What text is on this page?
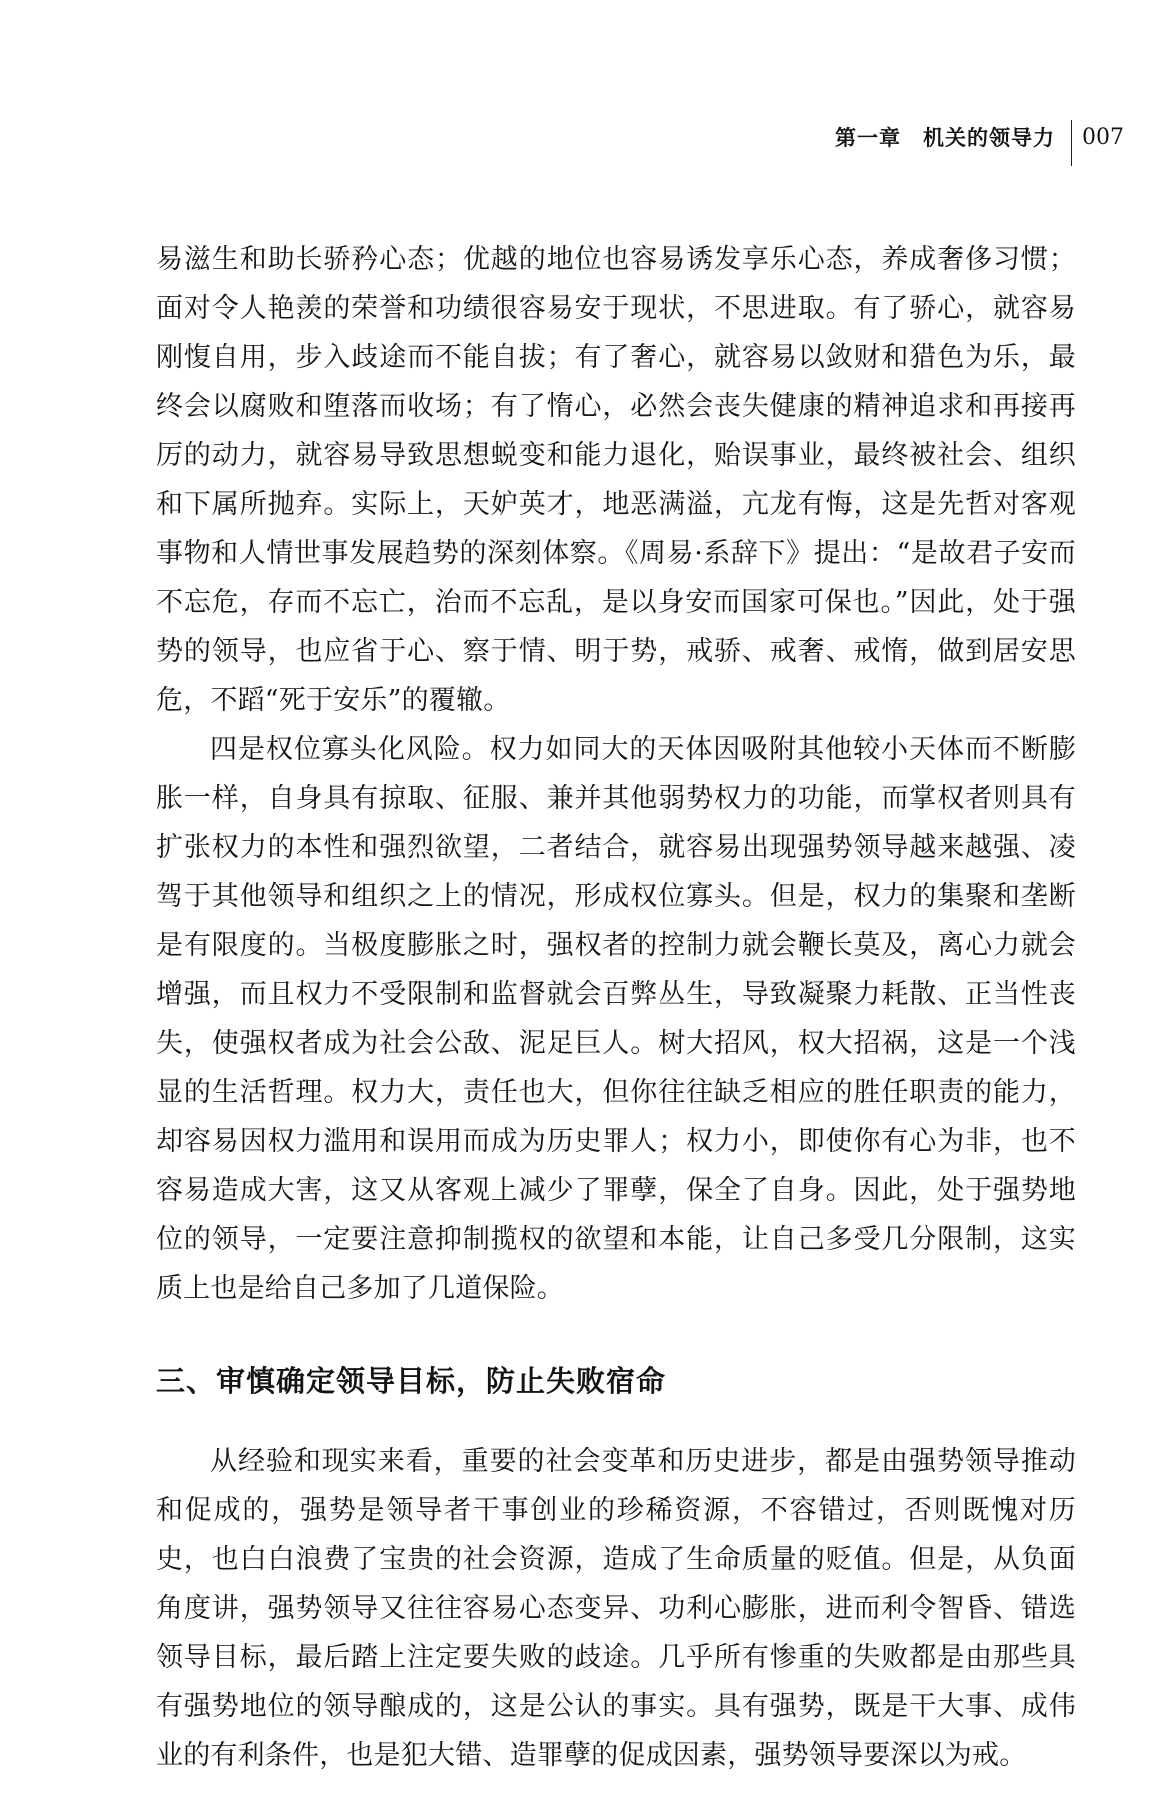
第一章　机关的领导力 007

易滋生和助长骄矜心态；优越的地位也容易诱发享乐心态，养成奢侈习惯；面对令人艳羡的荣誉和功绩很容易安于现状，不思进取。有了骄心，就容易刚愎自用，步入歧途而不能自拔；有了奢心，就容易以敛财和猎色为乐，最终会以腐败和堕落而收场；有了惰心，必然会丧失健康的精神追求和再接再厉的动力，就容易导致思想蜕变和能力退化，贻误事业，最终被社会、组织和下属所抛弃。实际上，天妒英才，地恶满溢，亢龙有悔，这是先哲对客观事物和人情世事发展趋势的深刻体察。《周易·系辞下》提出：“是故君子安而不忘危，存而不忘亡，治而不忘乱，是以身安而国家可保也。”因此，处于强势的领导，也应省于心、察于情、明于势，戒骄、戒奢、戒惰，做到居安思危，不蹈“死于安乐”的覆辙。

四是权位寡头化风险。权力如同大的天体因吸附其他较小天体而不断膨胀一样，自身具有掠取、征服、兼并其他弱势权力的功能，而掌权者则具有扩张权力的本性和强烈欲望，二者结合，就容易出现强势领导越来越强、凌驾于其他领导和组织之上的情况，形成权位寡头。但是，权力的集聚和垄断是有限度的。当极度膨胀之时，强权者的控制力就会鞭长莫及，离心力就会增强，而且权力不受限制和监督就会百弊丛生，导致凝聚力耗散、正当性丧失，使强权者成为社会公敌、泥足巨人。树大招风，权大招祸，这是一个浅显的生活哲理。权力大，责任也大，但你往往缺乏相应的胜任职责的能力，却容易因权力滥用和误用而成为历史罪人；权力小，即使你有心为非，也不容易造成大害，这又从客观上减少了罪孽，保全了自身。因此，处于强势地位的领导，一定要注意抑制揽权的欲望和本能，让自己多受几分限制，这实质上也是给自己多加了几道保险。

三、审慎确定领导目标，防止失败宿命

从经验和现实来看，重要的社会变革和历史进步，都是由强势领导推动和促成的，强势是领导者干事创业的珍稀资源，不容错过，否则既愧对历史，也白白浪费了宝贵的社会资源，造成了生命质量的贬值。但是，从负面角度讲，强势领导又往往容易心态变异、功利心膨胀，进而利令智昏、错选领导目标，最后踏上注定要失败的歧途。几乎所有惨重的失败都是由那些具有强势地位的领导酿成的，这是公认的事实。具有强势，既是干大事、成伟业的有利条件，也是犯大错、造罪孽的促成因素，强势领导要深以为戒。
